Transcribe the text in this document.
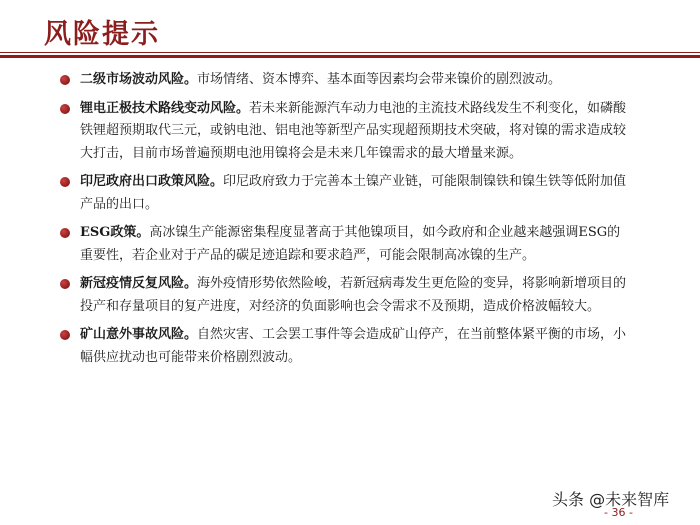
风险提示
二级市场波动风险。市场情绪、资本博弈、基本面等因素均会带来镍价的剧烈波动。
锂电正极技术路线变动风险。若未来新能源汽车动力电池的主流技术路线发生不利变化，如磷酸铁锂超预期取代三元，或钠电池、铝电池等新型产品实现超预期技术突破，将对镍的需求造成较大打击，目前市场普遍预期电池用镍将会是未来几年镍需求的最大增量来源。
印尼政府出口政策风险。印尼政府致力于完善本土镍产业链，可能限制镍铁和镍生铁等低附加值产品的出口。
ESG政策。高冰镍生产能源密集程度显著高于其他镍项目，如今政府和企业越来越强调ESG的重要性，若企业对于产品的碳足迹追踪和要求趋严，可能会限制高冰镍的生产。
新冠疫情反复风险。海外疫情形势依然险峻，若新冠病毒发生更危险的变异，将影响新增项目的投产和存量项目的复产进度，对经济的负面影响也会令需求不及预期，造成价格波幅较大。
矿山意外事故风险。自然灾害、工会罢工事件等会造成矿山停产，在当前整体紧平衡的市场，小幅供应扰动也可能带来价格剧烈波动。
头条 @未来智库
- 36 -
